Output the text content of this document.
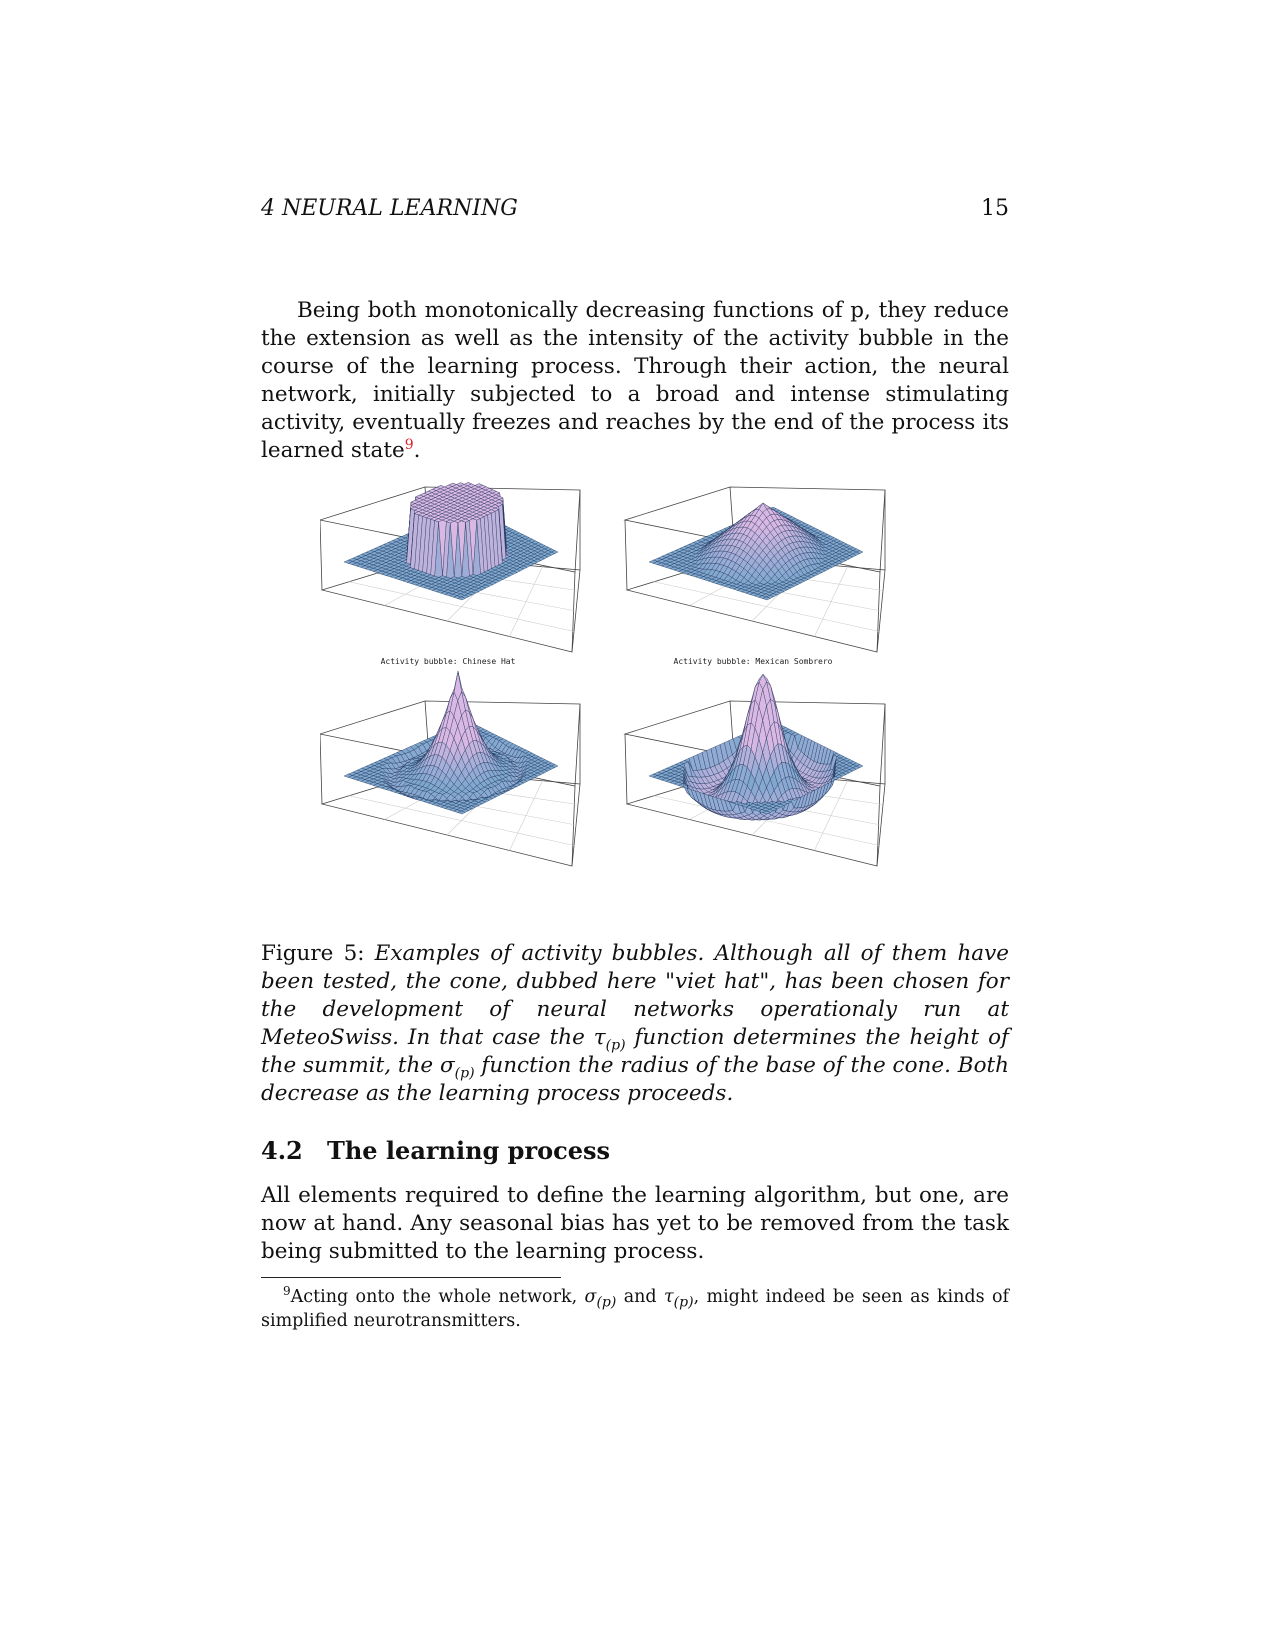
4 NEURAL LEARNING	15

Being both monotonically decreasing functions of p, they reduce the extension as well as the intensity of the activity bubble in the course of the learning process. Through their action, the neural network, initially subjected to a broad and intense stimulating activity, eventually freezes and reaches by the end of the process its learned state$^9$.

Activity bubble: Chinese Hat	Activity bubble: Mexican Sombrero

Figure 5: Examples of activity bubbles. Although all of them have been tested, the cone, dubbed here "viet hat", has been chosen for the development of neural networks operationaly run at MeteoSwiss. In that case the $\tau_{(p)}$ function determines the height of the summit, the $\sigma_{(p)}$ function the radius of the base of the cone. Both decrease as the learning process proceeds.

4.2 The learning process

All elements required to define the learning algorithm, but one, are now at hand. Any seasonal bias has yet to be removed from the task being submitted to the learning process.

$^9$Acting onto the whole network, $\sigma_{(p)}$ and $\tau_{(p)}$, might indeed be seen as kinds of simplified neurotransmitters.
